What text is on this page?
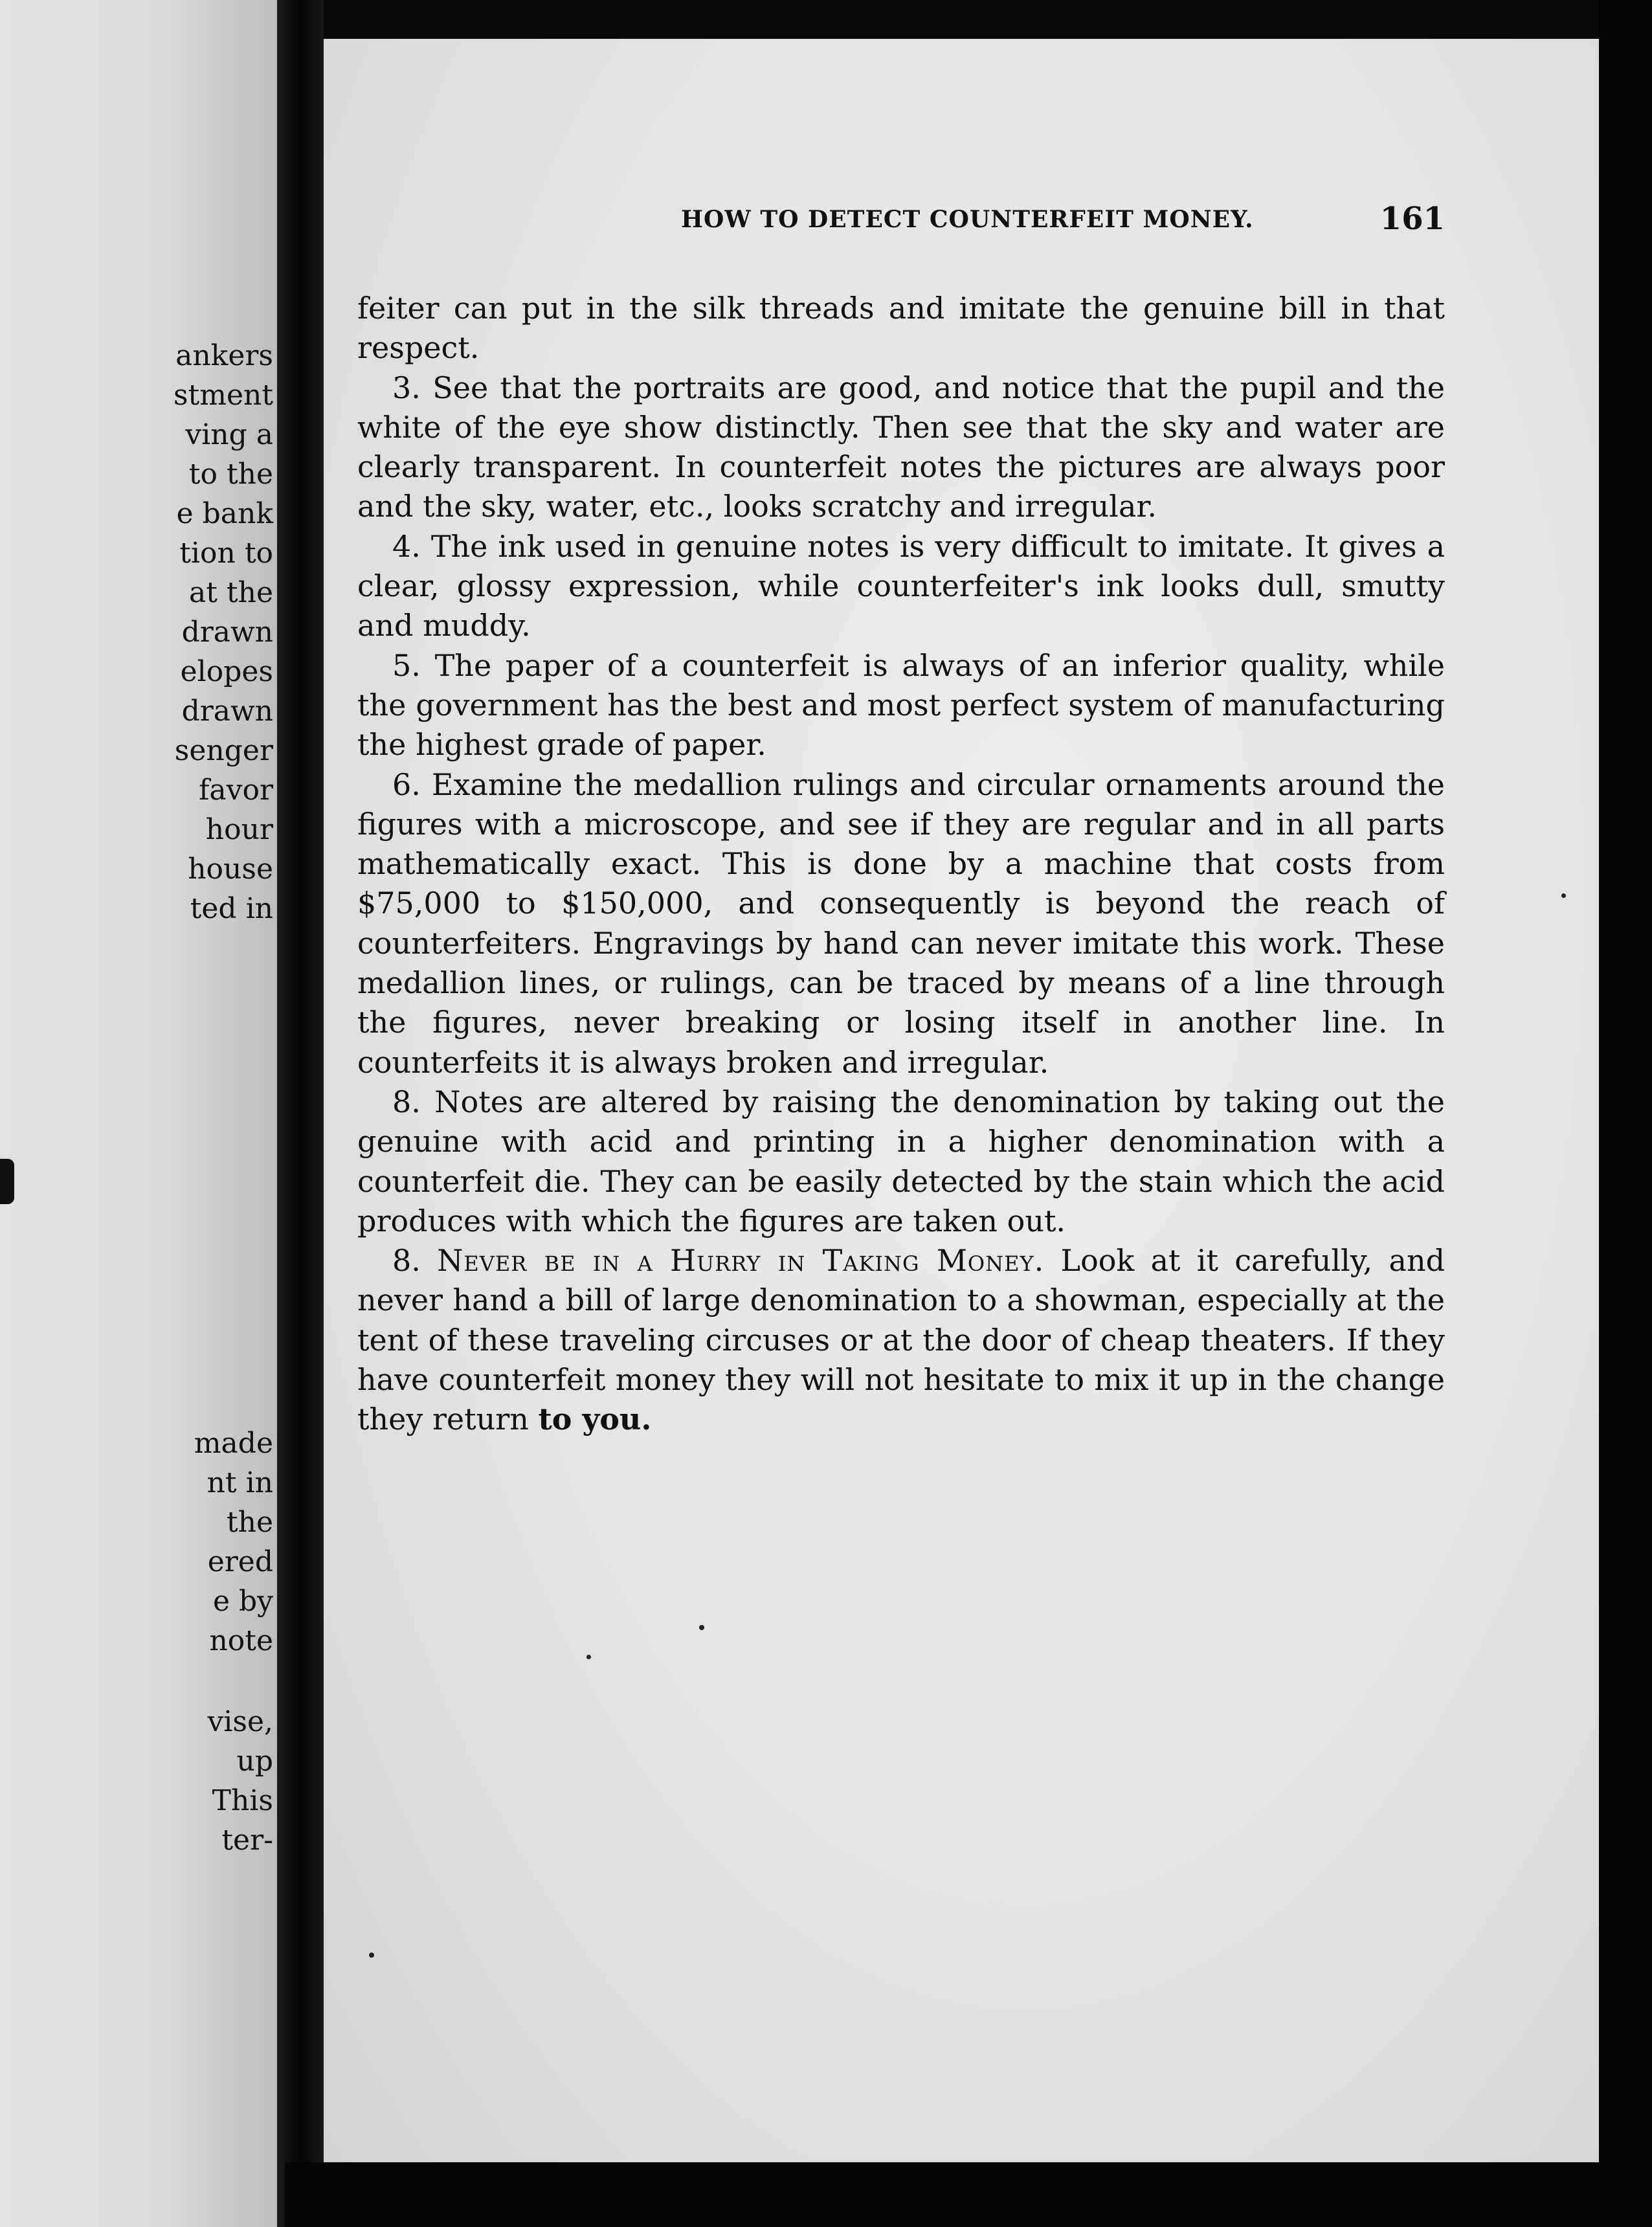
ankers
stment
ving a
to the
e bank
tion to
at the
drawn
elopes
drawn
senger
favor
hour
house
ted in
made
nt in
the
ered
e by
note
vise,
up
This
ter-
HOW TO DETECT COUNTERFEIT MONEY.	161

feiter can put in the silk threads and imitate the genuine bill in that respect.

3. See that the portraits are good, and notice that the pupil and the white of the eye show distinctly. Then see that the sky and water are clearly transparent. In counterfeit notes the pictures are always poor and the sky, water, etc., looks scratchy and irregular.

4. The ink used in genuine notes is very difficult to imitate. It gives a clear, glossy expression, while counterfeiter's ink looks dull, smutty and muddy.

5. The paper of a counterfeit is always of an inferior quality, while the government has the best and most perfect system of manufacturing the highest grade of paper.

6. Examine the medallion rulings and circular ornaments around the figures with a microscope, and see if they are regular and in all parts mathematically exact. This is done by a machine that costs from $75,000 to $150,000, and consequently is beyond the reach of counterfeiters. Engravings by hand can never imitate this work. These medallion lines, or rulings, can be traced by means of a line through the figures, never breaking or losing itself in another line. In counterfeits it is always broken and irregular.

8. Notes are altered by raising the denomination by taking out the genuine with acid and printing in a higher denomination with a counterfeit die. They can be easily detected by the stain which the acid produces with which the figures are taken out.

8. Never be in a Hurry in Taking Money. Look at it carefully, and never hand a bill of large denomination to a showman, especially at the tent of these traveling circuses or at the door of cheap theaters. If they have counterfeit money they will not hesitate to mix it up in the change they return to you.
